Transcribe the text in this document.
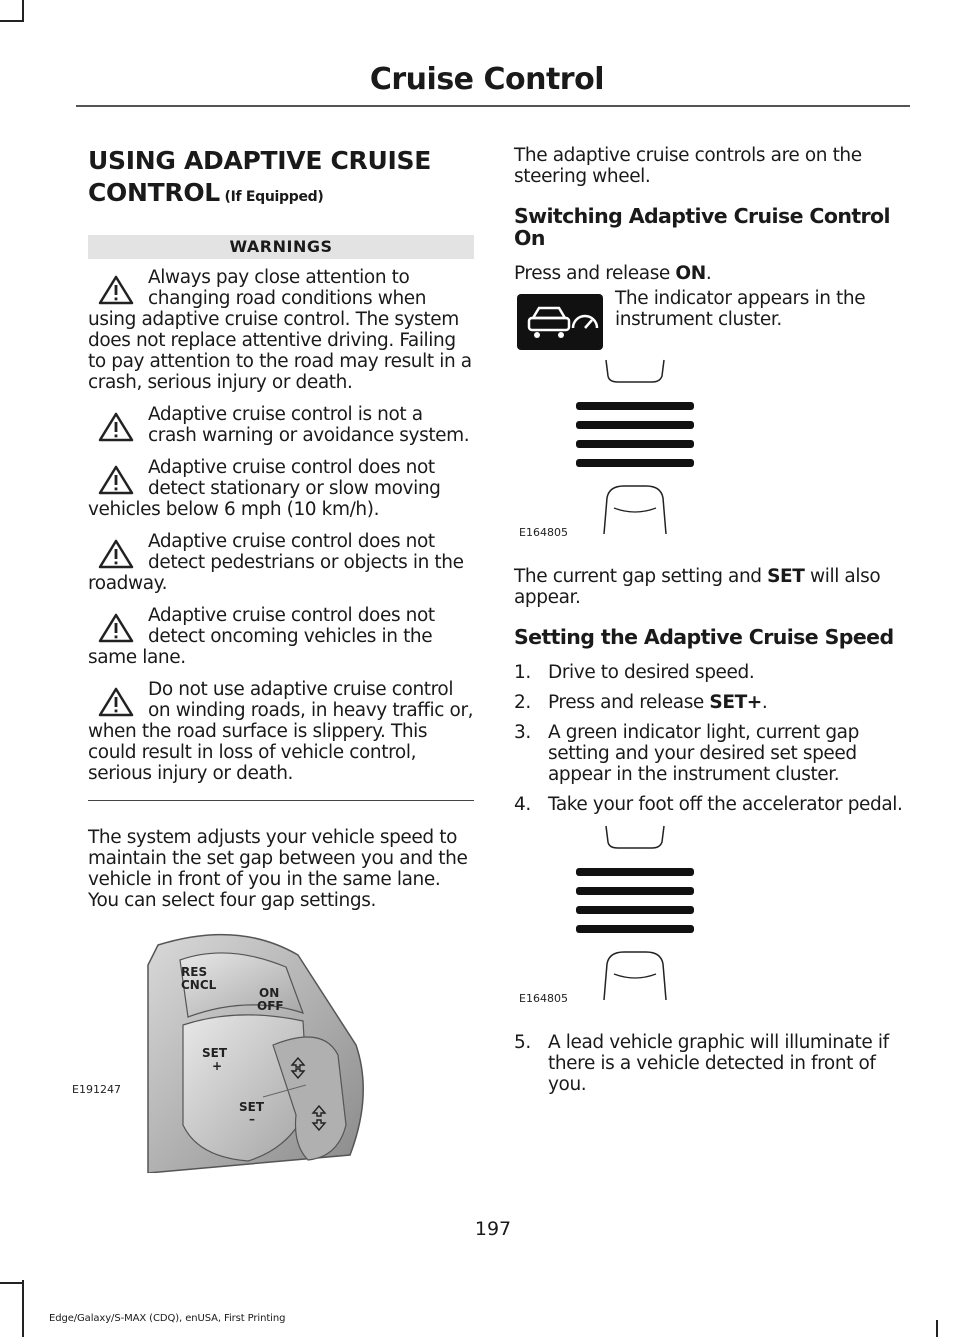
Cruise Control
USING ADAPTIVE CRUISE
CONTROL (If Equipped)
WARNINGS
Always pay close attention to changing road conditions when using adaptive cruise control. The system does not replace attentive driving. Failing to pay attention to the road may result in a crash, serious injury or death.
Adaptive cruise control is not a crash warning or avoidance system.
Adaptive cruise control does not detect stationary or slow moving vehicles below 6 mph (10 km/h).
Adaptive cruise control does not detect pedestrians or objects in the roadway.
Adaptive cruise control does not detect oncoming vehicles in the same lane.
Do not use adaptive cruise control on winding roads, in heavy traffic or, when the road surface is slippery. This could result in loss of vehicle control, serious injury or death.

The system adjusts your vehicle speed to maintain the set gap between you and the vehicle in front of you in the same lane. You can select four gap settings.

RES
CNCL
ON
OFF
SET
+
SET
–
E191247

The adaptive cruise controls are on the steering wheel.

Switching Adaptive Cruise Control On

Press and release ON.

The indicator appears in the instrument cluster.

E164805

The current gap setting and SET will also appear.

Setting the Adaptive Cruise Speed
1. Drive to desired speed.
2. Press and release SET+.
3. A green indicator light, current gap setting and your desired set speed appear in the instrument cluster.
4. Take your foot off the accelerator pedal.
E164805
5. A lead vehicle graphic will illuminate if there is a vehicle detected in front of you.
197
Edge/Galaxy/S-MAX (CDQ), enUSA, First Printing
